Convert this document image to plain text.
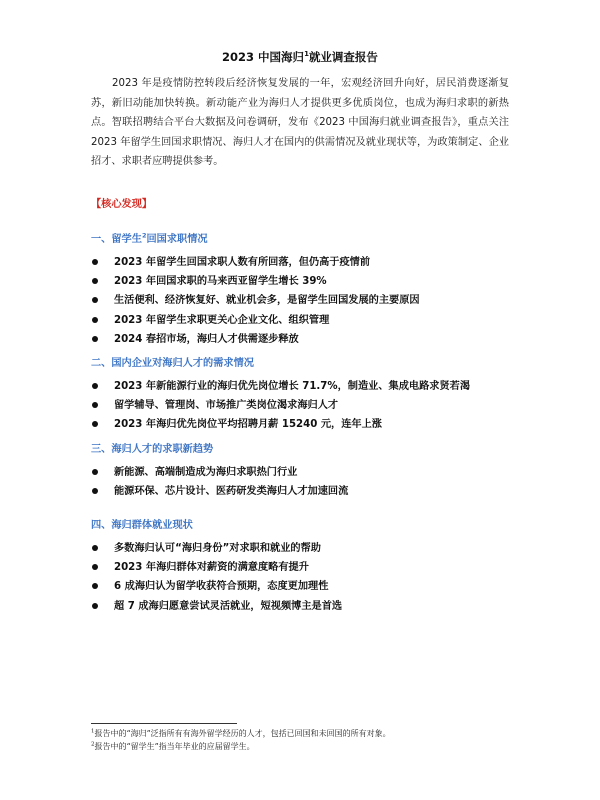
2023 中国海归$^1$就业调查报告

2023 年是疫情防控转段后经济恢复发展的一年，宏观经济回升向好，居民消费逐渐复苏，新旧动能加快转换。新动能产业为海归人才提供更多优质岗位，也成为海归求职的新热点。智联招聘结合平台大数据及问卷调研，发布《2023 中国海归就业调查报告》，重点关注 2023 年留学生回国求职情况、海归人才在国内的供需情况及就业现状等，为政策制定、企业招才、求职者应聘提供参考。

【核心发现】
一、留学生$^2$回国求职情况
2023 年留学生回国求职人数有所回落，但仍高于疫情前
2023 年回国求职的马来西亚留学生增长 39%
生活便利、经济恢复好、就业机会多，是留学生回国发展的主要原因
2023 年留学生求职更关心企业文化、组织管理
2024 春招市场，海归人才供需逐步释放
二、国内企业对海归人才的需求情况
2023 年新能源行业的海归优先岗位增长 71.7%，制造业、集成电路求贤若渴
留学辅导、管理岗、市场推广类岗位渴求海归人才
2023 年海归优先岗位平均招聘月薪 15240 元，连年上涨
三、海归人才的求职新趋势
新能源、高端制造成为海归求职热门行业
能源环保、芯片设计、医药研发类海归人才加速回流
四、海归群体就业现状
多数海归认可“海归身份”对求职和就业的帮助
2023 年海归群体对薪资的满意度略有提升
6 成海归认为留学收获符合预期，态度更加理性
超 7 成海归愿意尝试灵活就业，短视频博主是首选
$^1$报告中的“海归”泛指所有有海外留学经历的人才，包括已回国和未回国的所有对象。
$^2$报告中的“留学生”指当年毕业的应届留学生。
